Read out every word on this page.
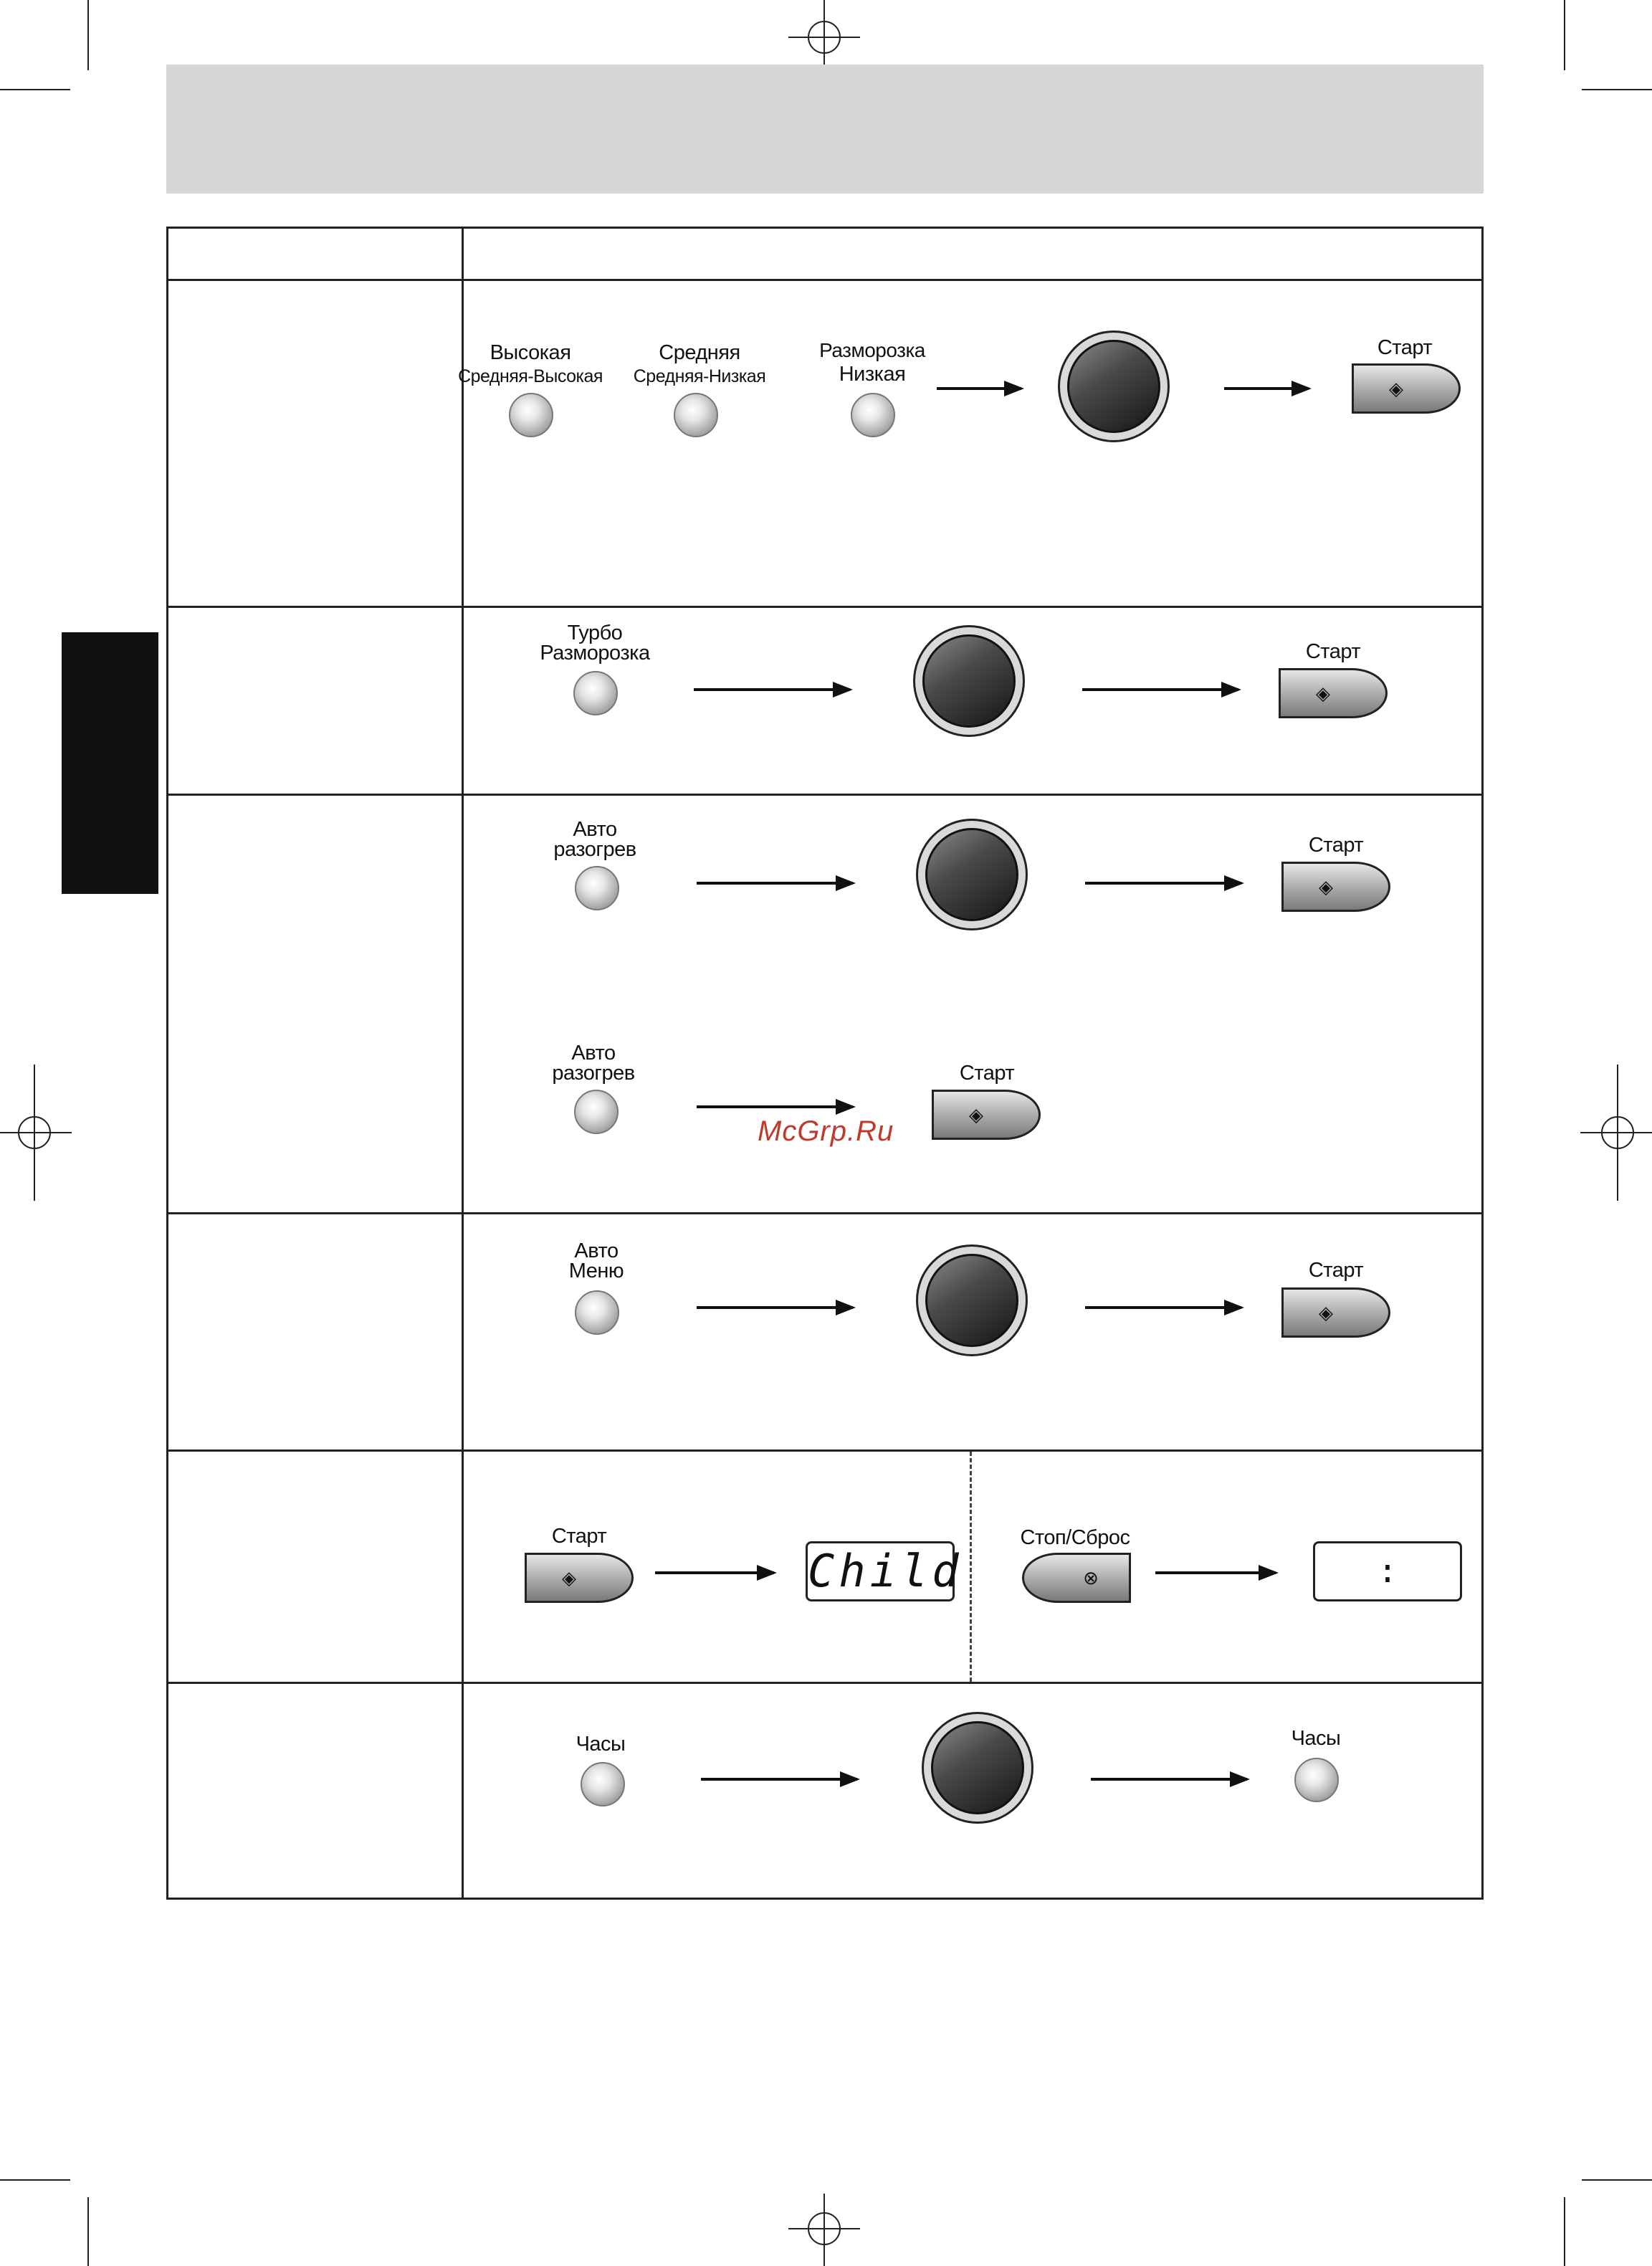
Высокая
Средняя-Высокая
Средняя
Средняя-Низкая
Разморозка
Низкая
Старт
◈
Турбо
Разморозка	Старт
◈
Авто
разогрев	Старт
◈
Авто
разогрев	Старт
◈
McGrp.Ru
Авто
Меню	Старт
◈
Старт
◈	Child
Стоп/Сброс
⊗	:
Часы	Часы
